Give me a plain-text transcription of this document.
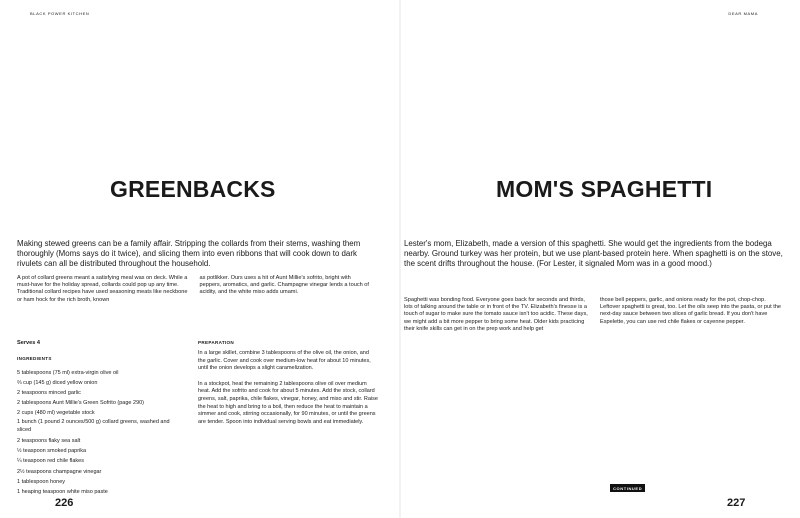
BLACK POWER KITCHEN
GREENBACKS

Making stewed greens can be a family affair. Stripping the collards from their stems, washing them thoroughly (Moms says do it twice), and slicing them into even ribbons that will cook down to dark rivulets can all be distributed throughout the household.

A pot of collard greens meant a satisfying meal was on deck. While a must-have for the holiday spread, collards could pop up any time. Traditional collard recipes have used seasoning meats like neckbone or ham hock for the rich broth, known

as potlikker. Ours uses a hit of Aunt Millie's sofrito, bright with peppers, aromatics, and garlic. Champagne vinegar lends a touch of acidity, and the white miso adds umami.

Serves 4
INGREDIENTS
5 tablespoons (75 ml) extra-virgin olive oil
⅔ cup (145 g) diced yellow onion
2 teaspoons minced garlic
2 tablespoons Aunt Millie's Green Sofrito (page 290)
2 cups (480 ml) vegetable stock
1 bunch (1 pound 2 ounces/500 g) collard greens, washed and sliced
2 teaspoons flaky sea salt
½ teaspoon smoked paprika
¼ teaspoon red chile flakes
2½ teaspoons champagne vinegar
1 tablespoon honey
1 heaping teaspoon white miso paste
PREPARATION

In a large skillet, combine 3 tablespoons of the olive oil, the onion, and the garlic. Cover and cook over medium-low heat for about 10 minutes, until the onion develops a slight caramelization.

In a stockpot, heat the remaining 2 tablespoons olive oil over medium heat. Add the sofrito and cook for about 5 minutes. Add the stock, collard greens, salt, paprika, chile flakes, vinegar, honey, and miso and stir. Raise the heat to high and bring to a boil, then reduce the heat to maintain a simmer and cook, stirring occasionally, for 90 minutes, or until the greens are tender. Spoon into individual serving bowls and eat immediately.

226
DEAR MAMA
MOM'S SPAGHETTI

Lester's mom, Elizabeth, made a version of this spaghetti. She would get the ingredients from the bodega nearby. Ground turkey was her protein, but we use plant-based protein here. When spaghetti is on the stove, the scent drifts throughout the house. (For Lester, it signaled Mom was in a good mood.)

Spaghetti was bonding food. Everyone goes back for seconds and thirds, lots of talking around the table or in front of the TV. Elizabeth's finesse is a touch of sugar to make sure the tomato sauce isn't too acidic. These days, we might add a bit more pepper to bring some heat. Older kids practicing their knife skills can get in on the prep work and help get

those bell peppers, garlic, and onions ready for the pot, chop-chop. Leftover spaghetti is great, too. Let the oils seep into the pasta, or put the next-day sauce between two slices of garlic bread. If you don't have Espelette, you can use red chile flakes or cayenne pepper.

CONTINUED
227
